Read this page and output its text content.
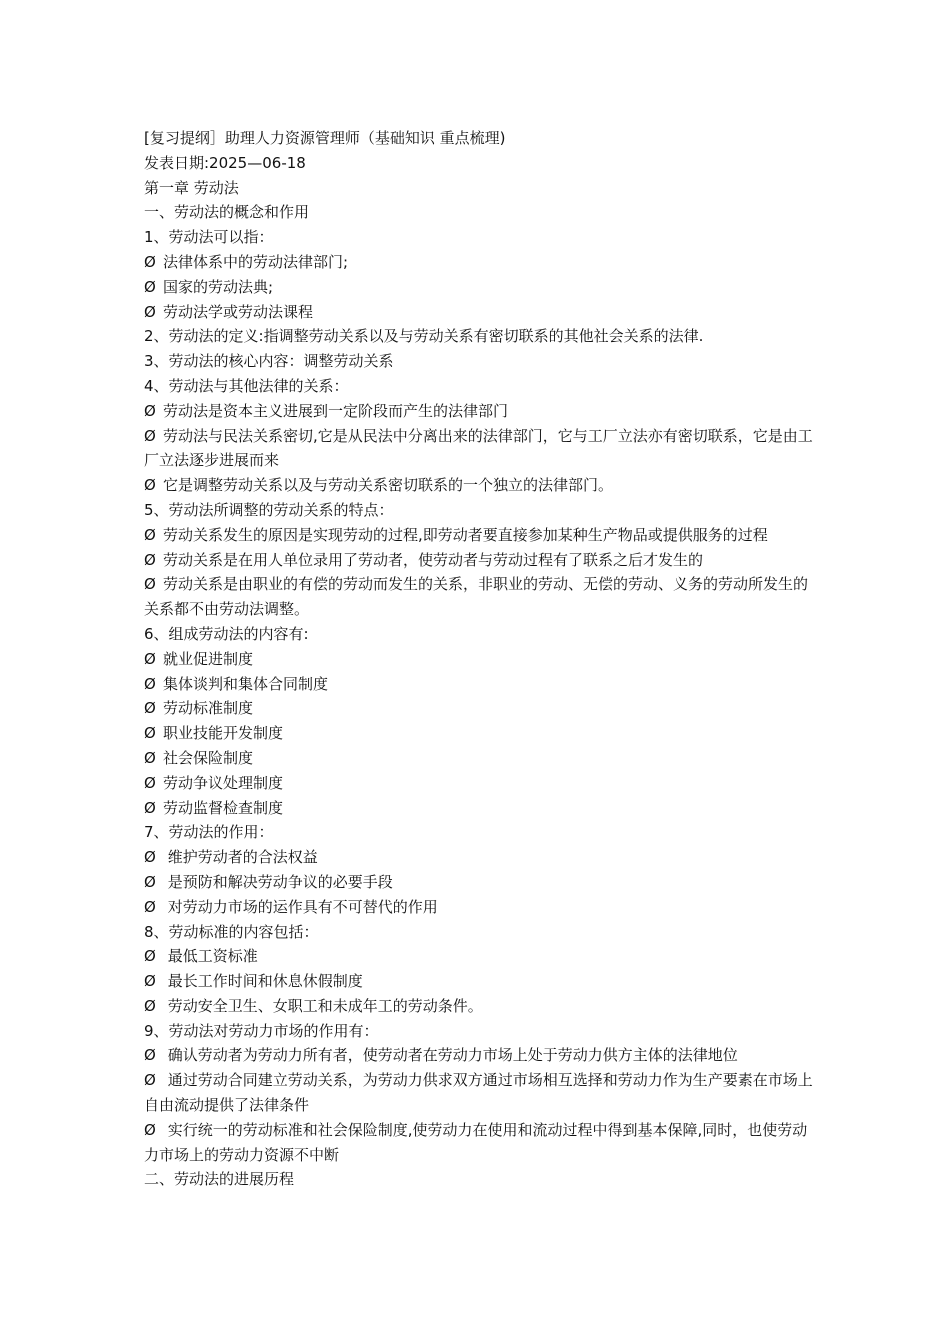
[复习提纲］助理人力资源管理师（基础知识 重点梳理)

发表日期:2025—06-18

第一章 劳动法

一、劳动法的概念和作用

1、劳动法可以指：

Ø 法律体系中的劳动法律部门;

Ø 国家的劳动法典;

Ø 劳动法学或劳动法课程

2、劳动法的定义:指调整劳动关系以及与劳动关系有密切联系的其他社会关系的法律.

3、劳动法的核心内容：调整劳动关系

4、劳动法与其他法律的关系：

Ø 劳动法是资本主义进展到一定阶段而产生的法律部门

Ø 劳动法与民法关系密切,它是从民法中分离出来的法律部门，它与工厂立法亦有密切联系，它是由工厂立法逐步进展而来

Ø 它是调整劳动关系以及与劳动关系密切联系的一个独立的法律部门。

5、劳动法所调整的劳动关系的特点：

Ø 劳动关系发生的原因是实现劳动的过程,即劳动者要直接参加某种生产物品或提供服务的过程

Ø 劳动关系是在用人单位录用了劳动者，使劳动者与劳动过程有了联系之后才发生的

Ø 劳动关系是由职业的有偿的劳动而发生的关系，非职业的劳动、无偿的劳动、义务的劳动所发生的关系都不由劳动法调整。

6、组成劳动法的内容有:

Ø 就业促进制度

Ø 集体谈判和集体合同制度

Ø 劳动标准制度

Ø 职业技能开发制度

Ø 社会保险制度

Ø 劳动争议处理制度

Ø 劳动监督检查制度

7、劳动法的作用：

Ø 维护劳动者的合法权益

Ø 是预防和解决劳动争议的必要手段

Ø 对劳动力市场的运作具有不可替代的作用

8、劳动标准的内容包括：

Ø 最低工资标准

Ø 最长工作时间和休息休假制度

Ø 劳动安全卫生、女职工和未成年工的劳动条件。

9、劳动法对劳动力市场的作用有：

Ø 确认劳动者为劳动力所有者，使劳动者在劳动力市场上处于劳动力供方主体的法律地位

Ø 通过劳动合同建立劳动关系，为劳动力供求双方通过市场相互选择和劳动力作为生产要素在市场上自由流动提供了法律条件

Ø 实行统一的劳动标准和社会保险制度,使劳动力在使用和流动过程中得到基本保障,同时，也使劳动力市场上的劳动力资源不中断

二、劳动法的进展历程
